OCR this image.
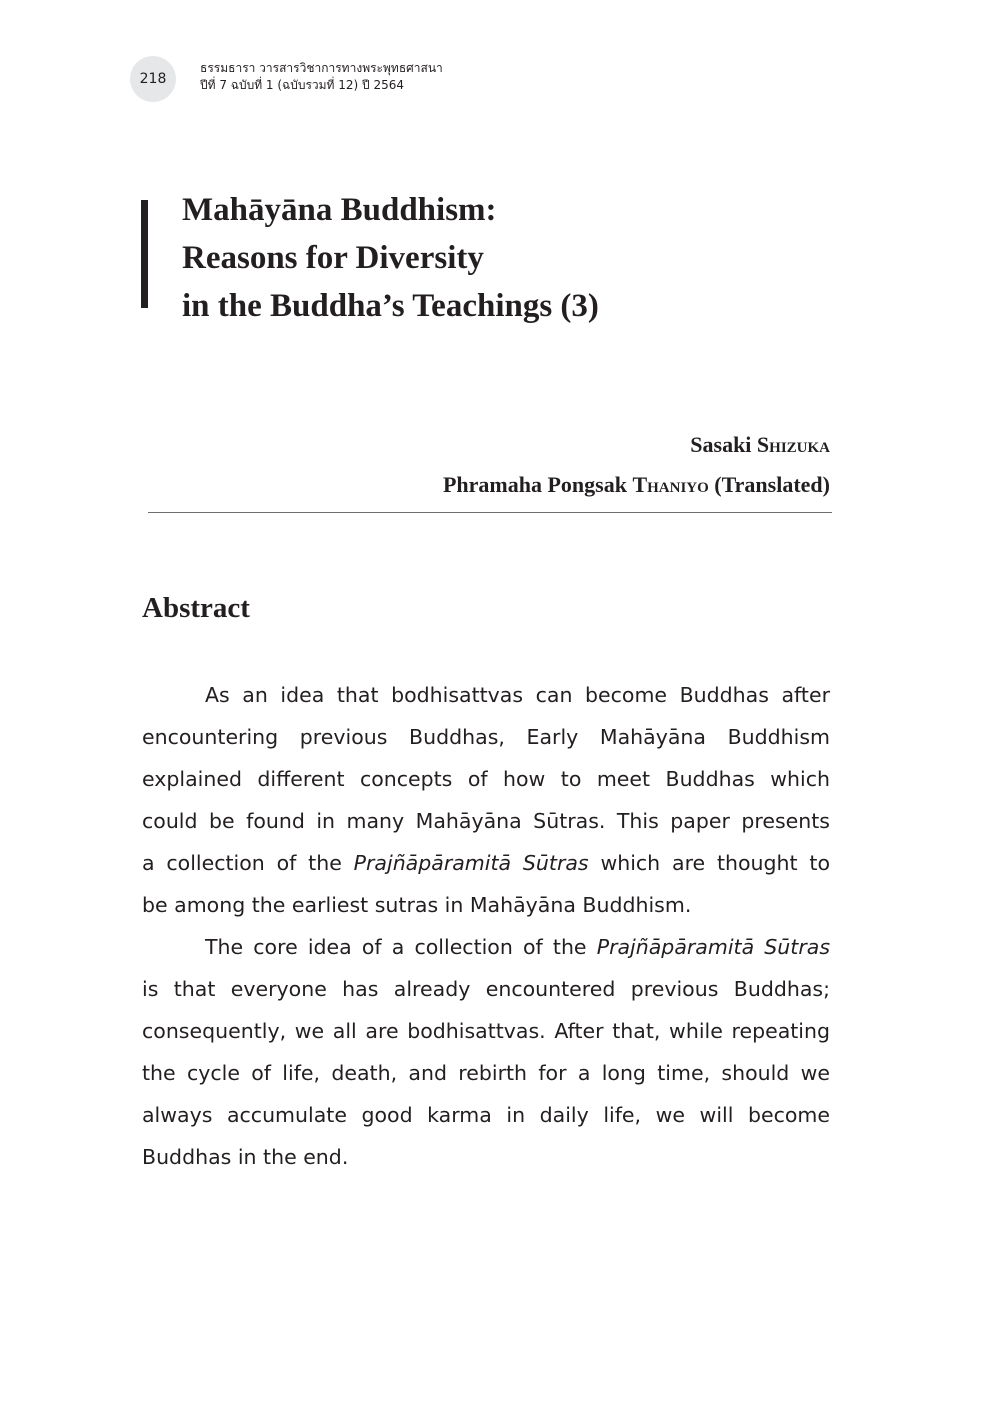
218
ธรรมธารา วารสารวิชาการทางพระพุทธศาสนา
ปีที่ 7 ฉบับที่ 1 (ฉบับรวมที่ 12) ปี 2564
Mahāyāna Buddhism:
Reasons for Diversity
in the Buddha’s Teachings (3)
Sasaki Shizuka
Phramaha Pongsak Thaniyo (Translated)
Abstract
As an idea that bodhisattvas can become Buddhas after
encountering previous Buddhas, Early Mahāyāna Buddhism
explained different concepts of how to meet Buddhas which
could be found in many Mahāyāna Sūtras. This paper presents
a collection of the Prajñāpāramitā Sūtras which are thought to
be among the earliest sutras in Mahāyāna Buddhism.
The core idea of a collection of the Prajñāpāramitā Sūtras
is that everyone has already encountered previous Buddhas;
consequently, we all are bodhisattvas. After that, while repeating
the cycle of life, death, and rebirth for a long time, should we
always accumulate good karma in daily life, we will become
Buddhas in the end.
